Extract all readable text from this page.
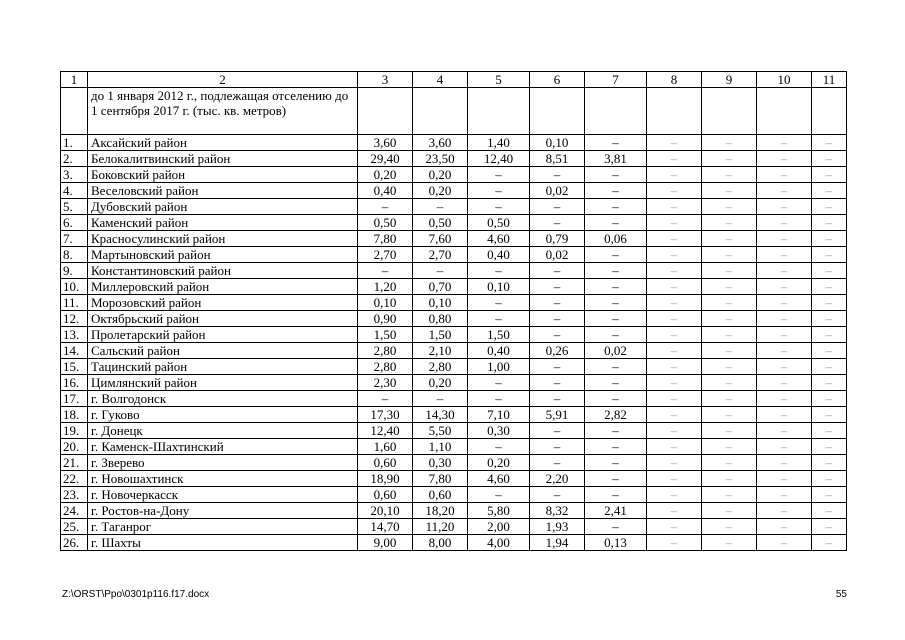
1	2	3	4	5	6	7	8	9	10	11
	до 1 января 2012 г., подлежащая отселению до 1 сентября 2017 г. (тыс. кв. метров)									
1.	Аксайский район	3,60	3,60	1,40	0,10	–	–	–	–	–
2.	Белокалитвинский район	29,40	23,50	12,40	8,51	3,81	–	–	–	–
3.	Боковский район	0,20	0,20	–	–	–	–	–	–	–
4.	Веселовский район	0,40	0,20	–	0,02	–	–	–	–	–
5.	Дубовский район	–	–	–	–	–	–	–	–	–
6.	Каменский район	0,50	0,50	0,50	–	–	–	–	–	–
7.	Красносулинский район	7,80	7,60	4,60	0,79	0,06	–	–	–	–
8.	Мартыновский район	2,70	2,70	0,40	0,02	–	–	–	–	–
9.	Константиновский район	–	–	–	–	–	–	–	–	–
10.	Миллеровский район	1,20	0,70	0,10	–	–	–	–	–	–
11.	Морозовский район	0,10	0,10	–	–	–	–	–	–	–
12.	Октябрьский район	0,90	0,80	–	–	–	–	–	–	–
13.	Пролетарский район	1,50	1,50	1,50	–	–	–	–	–	–
14.	Сальский район	2,80	2,10	0,40	0,26	0,02	–	–	–	–
15.	Тацинский район	2,80	2,80	1,00	–	–	–	–	–	–
16.	Цимлянский район	2,30	0,20	–	–	–	–	–	–	–
17.	г. Волгодонск	–	–	–	–	–	–	–	–	–
18.	г. Гуково	17,30	14,30	7,10	5,91	2,82	–	–	–	–
19.	г. Донецк	12,40	5,50	0,30	–	–	–	–	–	–
20.	г. Каменск-Шахтинский	1,60	1,10	–	–	–	–	–	–	–
21.	г. Зверево	0,60	0,30	0,20	–	–	–	–	–	–
22.	г. Новошахтинск	18,90	7,80	4,60	2,20	–	–	–	–	–
23.	г. Новочеркасск	0,60	0,60	–	–	–	–	–	–	–
24.	г. Ростов-на-Дону	20,10	18,20	5,80	8,32	2,41	–	–	–	–
25.	г. Таганрог	14,70	11,20	2,00	1,93	–	–	–	–	–
26.	г. Шахты	9,00	8,00	4,00	1,94	0,13	–	–	–	–
Z:\ORST\Ppo\0301p116.f17.docx	55
